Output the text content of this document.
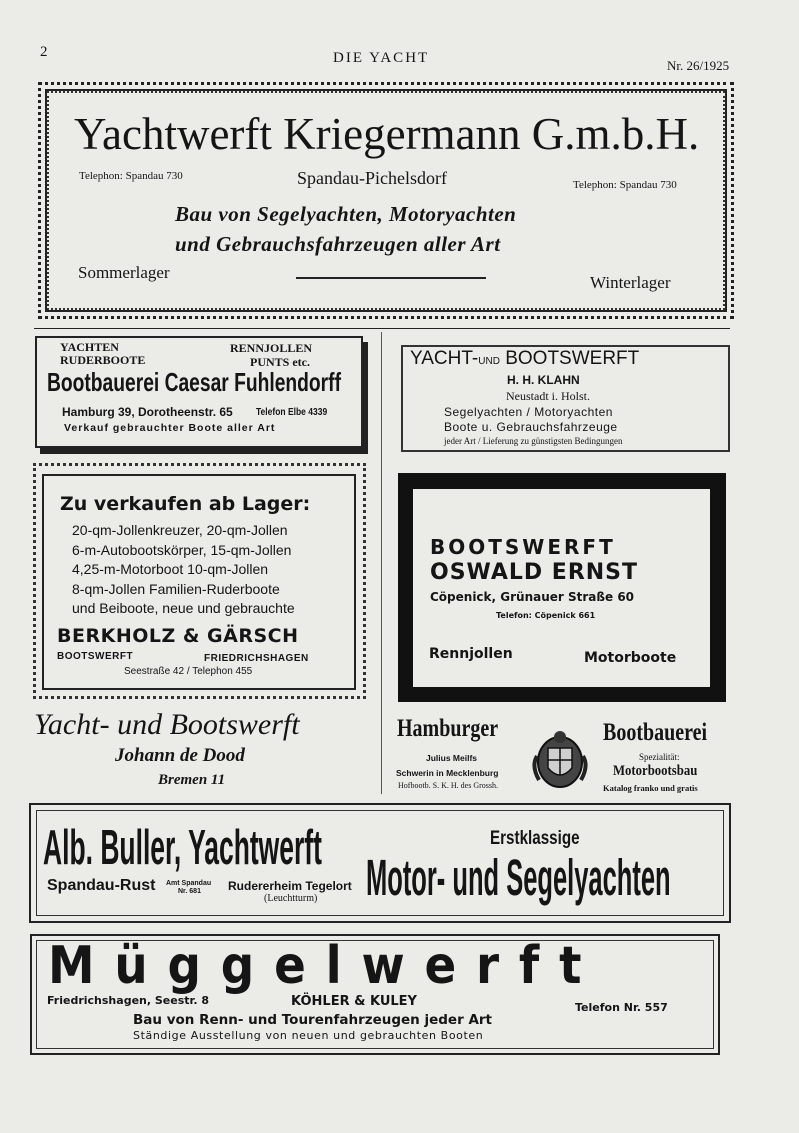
2	DIE YACHT	Nr. 26/1925
Yachtwerft Kriegermann G.m.b.H.
Telephon: Spandau 730	Spandau-Pichelsdorf	Telephon: Spandau 730
Bau von Segelyachten, Motoryachten
und Gebrauchsfahrzeugen aller Art
Sommerlager
Winterlager
YACHTEN	RENNJOLLEN
RUDERBOOTE	PUNTS etc.
Bootbauerei Caesar Fuhlendorff
Hamburg 39, Dorotheenstr. 65 Telefon Elbe 4339
Verkauf gebrauchter Boote aller Art
YACHT-UND BOOTSWERFT
H. H. KLAHN
Neustadt i. Holst.
Segelyachten / Motoryachten
Boote u. Gebrauchsfahrzeuge
jeder Art / Lieferung zu günstigsten Bedingungen
Zu verkaufen ab Lager:
20-qm-Jollenkreuzer, 20-qm-Jollen
6-m-Autobootskörper, 15-qm-Jollen
4,25-m-Motorboot 10-qm-Jollen
8-qm-Jollen Familien-Ruderboote
und Beiboote, neue und gebrauchte
BERKHOLZ & GÄRSCH
BOOTSWERFT	FRIEDRICHSHAGEN
Seestraße 42 / Telephon 455
BOOTSWERFT
OSWALD ERNST
Cöpenick, Grünauer Straße 60
Telefon: Cöpenick 661
Rennjollen	Motorboote
Yacht- und Bootswerft
Johann de Dood
Bremen 11
Hamburger
Julius Meilfs
Schwerin in Mecklenburg
Hofbootb. S. K. H. des Grossh.
Bootbauerei
Spezialität:
Motorbootsbau
Katalog franko und gratis
Alb. Buller, Yachtwerft
Spandau-Rust Amt Spandau
Nr. 681	Rudererheim Tegelort
(Leuchtturm)
Erstklassige
Motor- und Segelyachten
Müggelwerft
Friedrichshagen, Seestr. 8	KÖHLER & KULEY	Telefon Nr. 557
Bau von Renn- und Tourenfahrzeugen jeder Art
Ständige Ausstellung von neuen und gebrauchten Booten
